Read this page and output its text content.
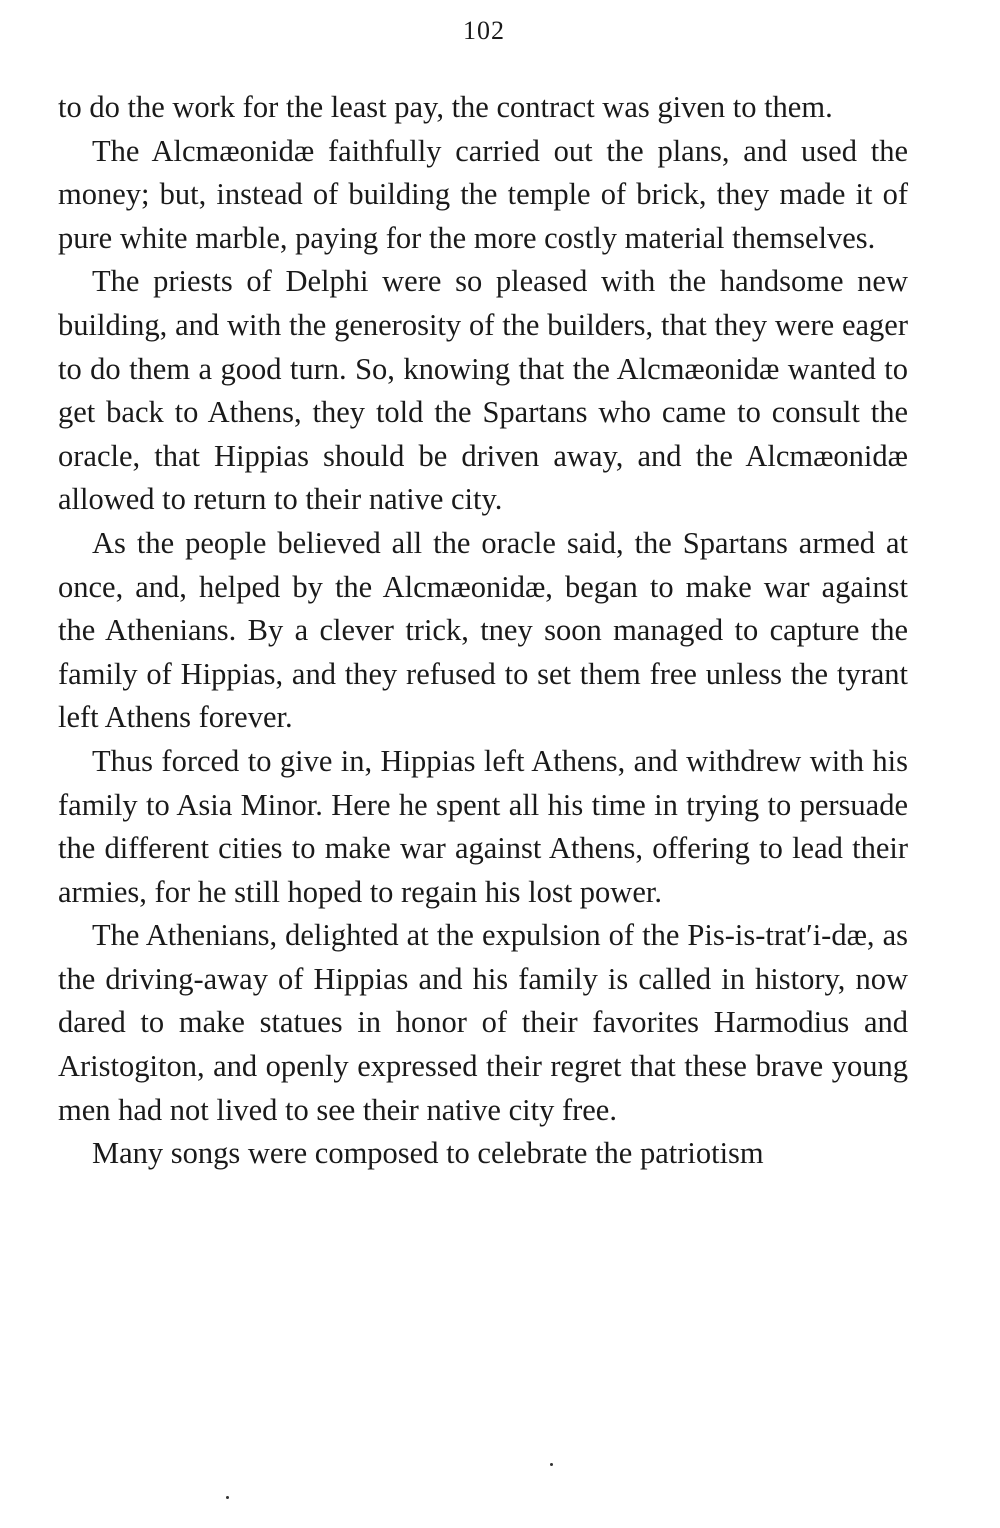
102

to do the work for the least pay, the contract was given to them.

The Alcmæonidæ faithfully carried out the plans, and used the money; but, instead of building the temple of brick, they made it of pure white marble, paying for the more costly material themselves.

The priests of Delphi were so pleased with the handsome new building, and with the generosity of the builders, that they were eager to do them a good turn. So, knowing that the Alcmæonidæ wanted to get back to Athens, they told the Spartans who came to consult the oracle, that Hippias should be driven away, and the Alcmæonidæ allowed to return to their native city.

As the people believed all the oracle said, the Spartans armed at once, and, helped by the Alcmæonidæ, began to make war against the Athenians. By a clever trick, tney soon managed to capture the family of Hippias, and they refused to set them free unless the tyrant left Athens forever.

Thus forced to give in, Hippias left Athens, and withdrew with his family to Asia Minor. Here he spent all his time in trying to persuade the different cities to make war against Athens, offering to lead their armies, for he still hoped to regain his lost power.

The Athenians, delighted at the expulsion of the Pis-is-trat′i-dæ, as the driving-away of Hippias and his family is called in history, now dared to make statues in honor of their favorites Harmodius and Aristogiton, and openly expressed their regret that these brave young men had not lived to see their native city free.

Many songs were composed to celebrate the patriotism
